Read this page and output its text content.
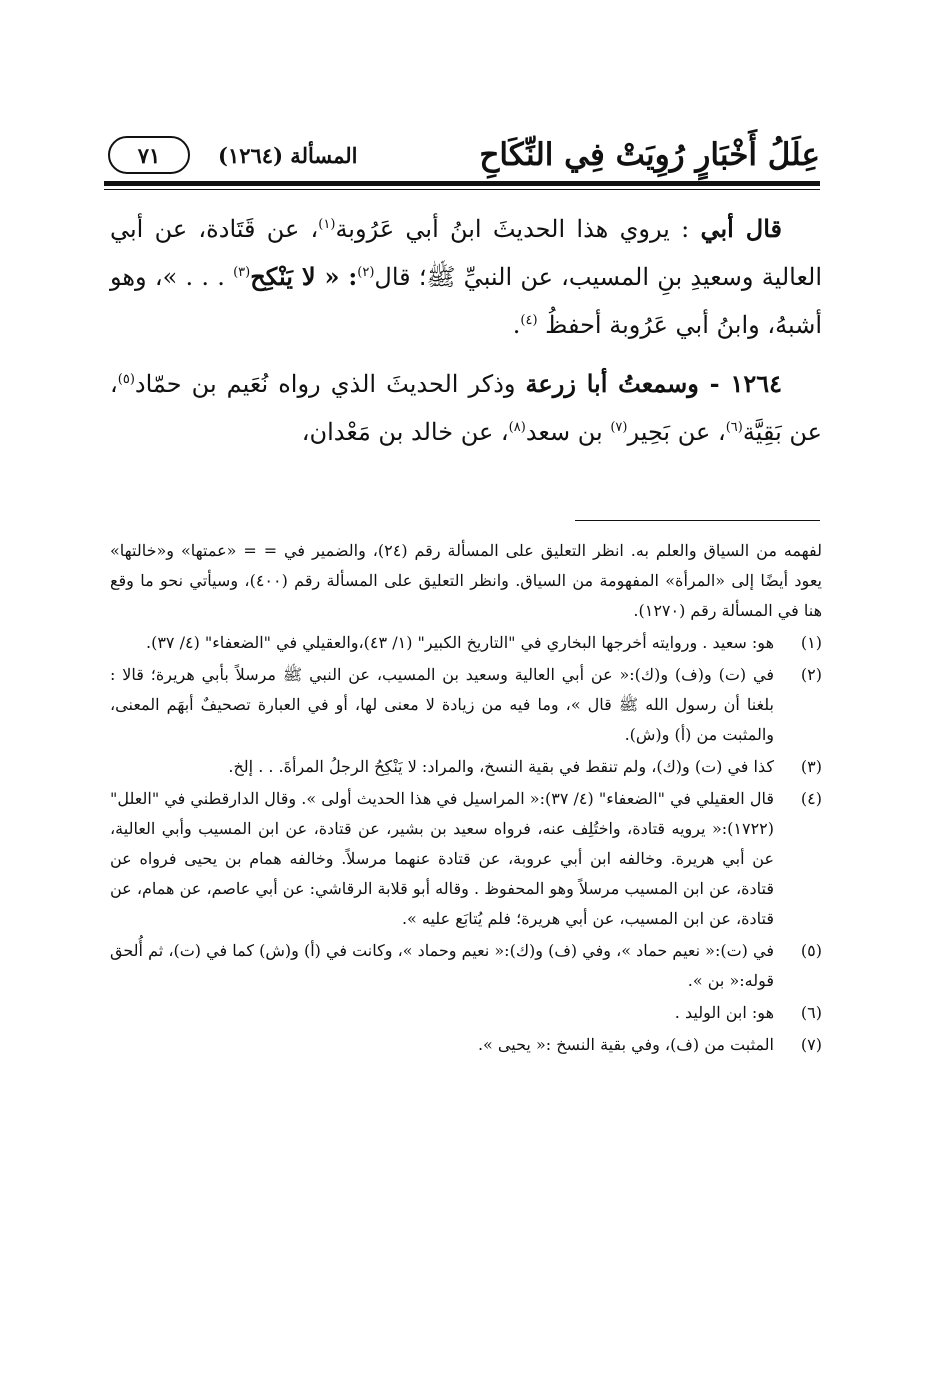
عِلَلُ أَخْبَارٍ رُوِيَتْ فِي النِّكَاحِ
المسألة (١٢٦٤)
٧١

قال أبي : يروي هذا الحديثَ ابنُ أبي عَرُوبة$^{(١)}$، عن قَتَادة، عن أبي العالية وسعيدِ بنِ المسيب، عن النبيِّ ﷺ؛ قال$^{(٢)}$: « لا يَنْكِح$^{(٣)}$ . . . »، وهو أشبهُ، وابنُ أبي عَرُوبة أحفظُ $^{(٤)}$.

١٢٦٤ - وسمعتُ أبا زرعة وذكر الحديثَ الذي رواه نُعَيم بن حمّاد$^{(٥)}$، عن بَقِيَّة$^{(٦)}$، عن بَحِير$^{(٧)}$ بن سعد$^{(٨)}$، عن خالد بن مَعْدان،

لفهمه من السياق والعلم به. انظر التعليق على المسألة رقم (٢٤)، والضمير في = = «عمتها» و«خالتها» يعود أيضًا إلى «المرأة» المفهومة من السياق. وانظر التعليق على المسألة رقم (٤٠٠)، وسيأتي نحو ما وقع هنا في المسألة رقم (١٢٧٠).

(١)
هو: سعيد . وروايته أخرجها البخاري في "التاريخ الكبير" (١/ ٤٣)،والعقيلي في "الضعفاء" (٤/ ٣٧).
(٢)
في (ت) و(ف) و(ك):« عن أبي العالية وسعيد بن المسيب، عن النبي ﷺ مرسلاً بأبي هريرة؛ قالا : بلغنا أن رسول الله ﷺ قال »، وما فيه من زيادة لا معنى لها، أو في العبارة تصحيفٌ أبهَم المعنى، والمثبت من (أ) و(ش).
(٣)
كذا في (ت) و(ك)، ولم تنقط في بقية النسخ، والمراد: لا يَنْكِحُ الرجلُ المرأةَ. . . إلخ.
(٤)
قال العقيلي في "الضعفاء" (٤/ ٣٧):« المراسيل في هذا الحديث أولى ». وقال الدارقطني في "العلل" (١٧٢٢):« يرويه قتادة، واختُلِف عنه، فرواه سعيد بن بشير، عن قتادة، عن ابن المسيب وأبي العالية، عن أبي هريرة. وخالفه ابن أبي عروبة، عن قتادة عنهما مرسلاً. وخالفه همام بن يحيى فرواه عن قتادة، عن ابن المسيب مرسلاً وهو المحفوظ . وقاله أبو قلابة الرقاشي: عن أبي عاصم، عن همام، عن قتادة، عن ابن المسيب، عن أبي هريرة؛ فلم يُتابَع عليه ».
(٥)
في (ت):« نعيم حماد »، وفي (ف) و(ك):« نعيم وحماد »، وكانت في (أ) و(ش) كما في (ت)، ثم أُلحق قوله:« بن ».
(٦)
هو: ابن الوليد .
(٧)
المثبت من (ف)، وفي بقية النسخ :« يحيى ».
